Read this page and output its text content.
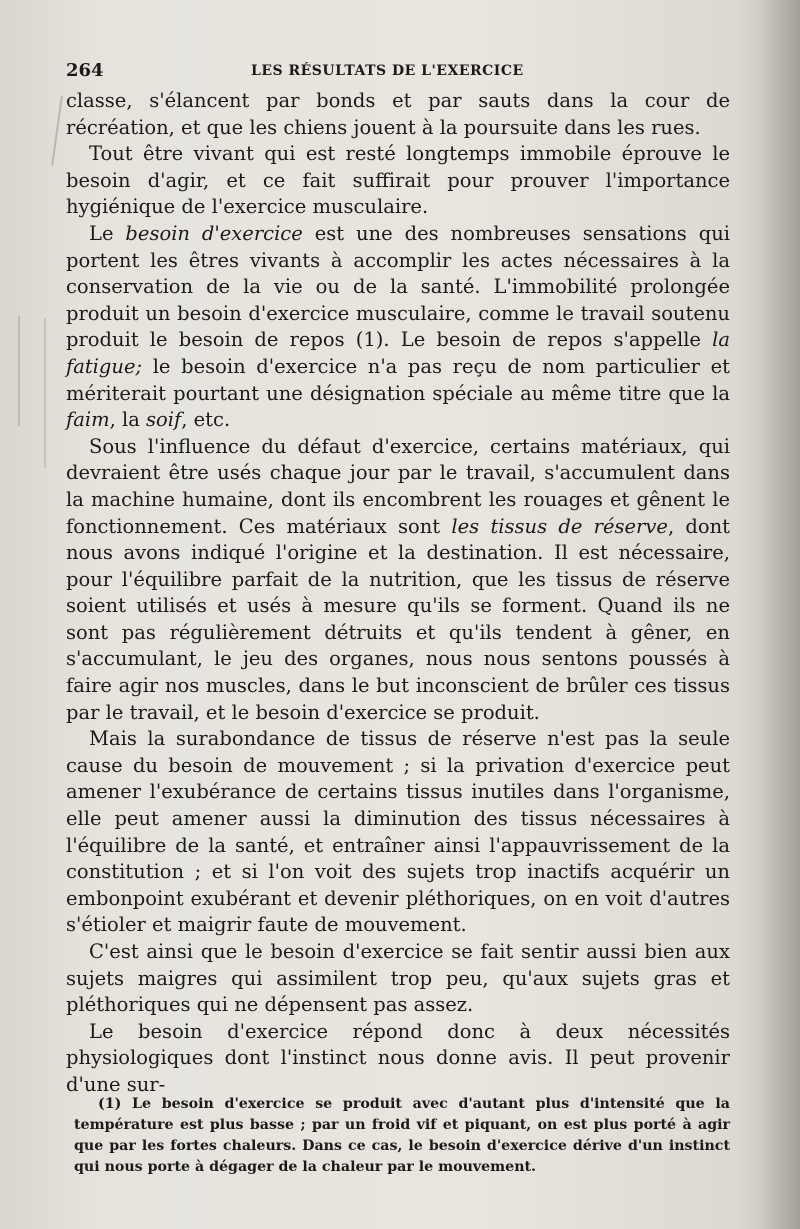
264	LES RÉSULTATS DE L'EXERCICE

classe, s'élancent par bonds et par sauts dans la cour de récréation, et que les chiens jouent à la poursuite dans les rues.

Tout être vivant qui est resté longtemps immobile éprouve le besoin d'agir, et ce fait suffirait pour prouver l'importance hygiénique de l'exercice musculaire.

Le besoin d'exercice est une des nombreuses sensations qui portent les êtres vivants à accomplir les actes nécessaires à la conservation de la vie ou de la santé. L'immobilité prolongée produit un besoin d'exercice musculaire, comme le travail soutenu produit le besoin de repos (1). Le besoin de repos s'appelle la fatigue; le besoin d'exercice n'a pas reçu de nom particulier et mériterait pourtant une désignation spéciale au même titre que la faim, la soif, etc.

Sous l'influence du défaut d'exercice, certains matériaux, qui devraient être usés chaque jour par le travail, s'accumulent dans la machine humaine, dont ils encombrent les rouages et gênent le fonctionnement. Ces matériaux sont les tissus de réserve, dont nous avons indiqué l'origine et la destination. Il est nécessaire, pour l'équilibre parfait de la nutrition, que les tissus de réserve soient utilisés et usés à mesure qu'ils se forment. Quand ils ne sont pas régulièrement détruits et qu'ils tendent à gêner, en s'accumulant, le jeu des organes, nous nous sentons poussés à faire agir nos muscles, dans le but inconscient de brûler ces tissus par le travail, et le besoin d'exercice se produit.

Mais la surabondance de tissus de réserve n'est pas la seule cause du besoin de mouvement ; si la privation d'exercice peut amener l'exubérance de certains tissus inutiles dans l'organisme, elle peut amener aussi la diminution des tissus nécessaires à l'équilibre de la santé, et entraîner ainsi l'appauvrissement de la constitution ; et si l'on voit des sujets trop inactifs acquérir un embonpoint exubérant et devenir pléthoriques, on en voit d'autres s'étioler et maigrir faute de mouvement.

C'est ainsi que le besoin d'exercice se fait sentir aussi bien aux sujets maigres qui assimilent trop peu, qu'aux sujets gras et pléthoriques qui ne dépensent pas assez.

Le besoin d'exercice répond donc à deux nécessités physiologiques dont l'instinct nous donne avis. Il peut provenir d'une sur-

(1) Le besoin d'exercice se produit avec d'autant plus d'intensité que la température est plus basse ; par un froid vif et piquant, on est plus porté à agir que par les fortes chaleurs. Dans ce cas, le besoin d'exercice dérive d'un instinct qui nous porte à dégager de la chaleur par le mouvement.
